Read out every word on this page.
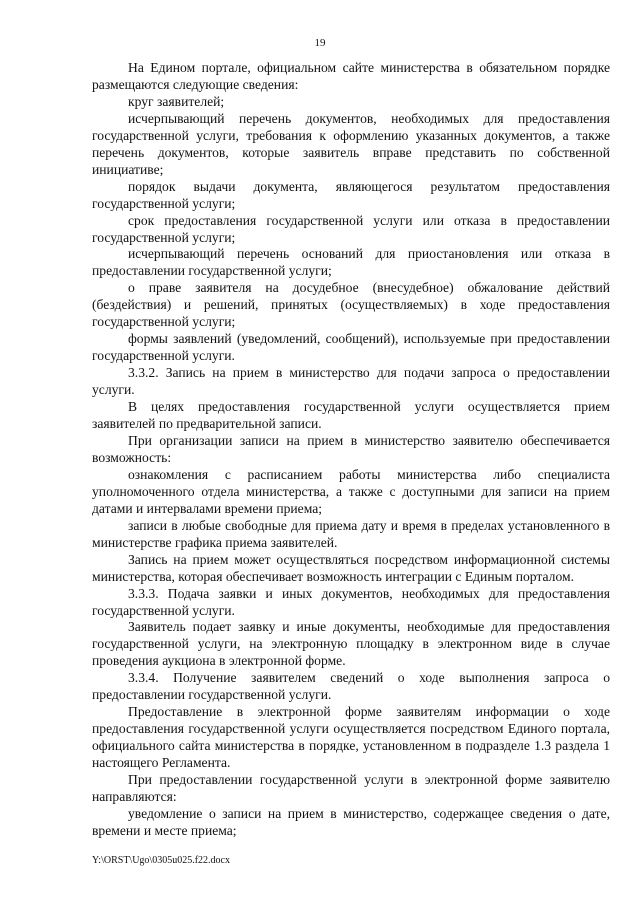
19

На Едином портале, официальном сайте министерства в обязательном порядке размещаются следующие сведения:

круг заявителей;

исчерпывающий перечень документов, необходимых для предоставления государственной услуги, требования к оформлению указанных документов, а также перечень документов, которые заявитель вправе представить по собственной инициативе;

порядок выдачи документа, являющегося результатом предоставления государственной услуги;

срок предоставления государственной услуги или отказа в предоставлении государственной услуги;

исчерпывающий перечень оснований для приостановления или отказа в предоставлении государственной услуги;

о праве заявителя на досудебное (внесудебное) обжалование действий (бездействия) и решений, принятых (осуществляемых) в ходе предоставления государственной услуги;

формы заявлений (уведомлений, сообщений), используемые при предоставлении государственной услуги.

3.3.2. Запись на прием в министерство для подачи запроса о предоставлении услуги.

В целях предоставления государственной услуги осуществляется прием заявителей по предварительной записи.

При организации записи на прием в министерство заявителю обеспечивается возможность:

ознакомления с расписанием работы министерства либо специалиста уполномоченного отдела министерства, а также с доступными для записи на прием датами и интервалами времени приема;

записи в любые свободные для приема дату и время в пределах установленного в министерстве графика приема заявителей.

Запись на прием может осуществляться посредством информационной системы министерства, которая обеспечивает возможность интеграции с Единым порталом.

3.3.3. Подача заявки и иных документов, необходимых для предоставления государственной услуги.

Заявитель подает заявку и иные документы, необходимые для предоставления государственной услуги, на электронную площадку в электронном виде в случае проведения аукциона в электронной форме.

3.3.4. Получение заявителем сведений о ходе выполнения запроса о предоставлении государственной услуги.

Предоставление в электронной форме заявителям информации о ходе предоставления государственной услуги осуществляется посредством Единого портала, официального сайта министерства в порядке, установленном в подразделе 1.3 раздела 1 настоящего Регламента.

При предоставлении государственной услуги в электронной форме заявителю направляются:

уведомление о записи на прием в министерство, содержащее сведения о дате, времени и месте приема;

Y:\ORST\Ugo\0305u025.f22.docx
